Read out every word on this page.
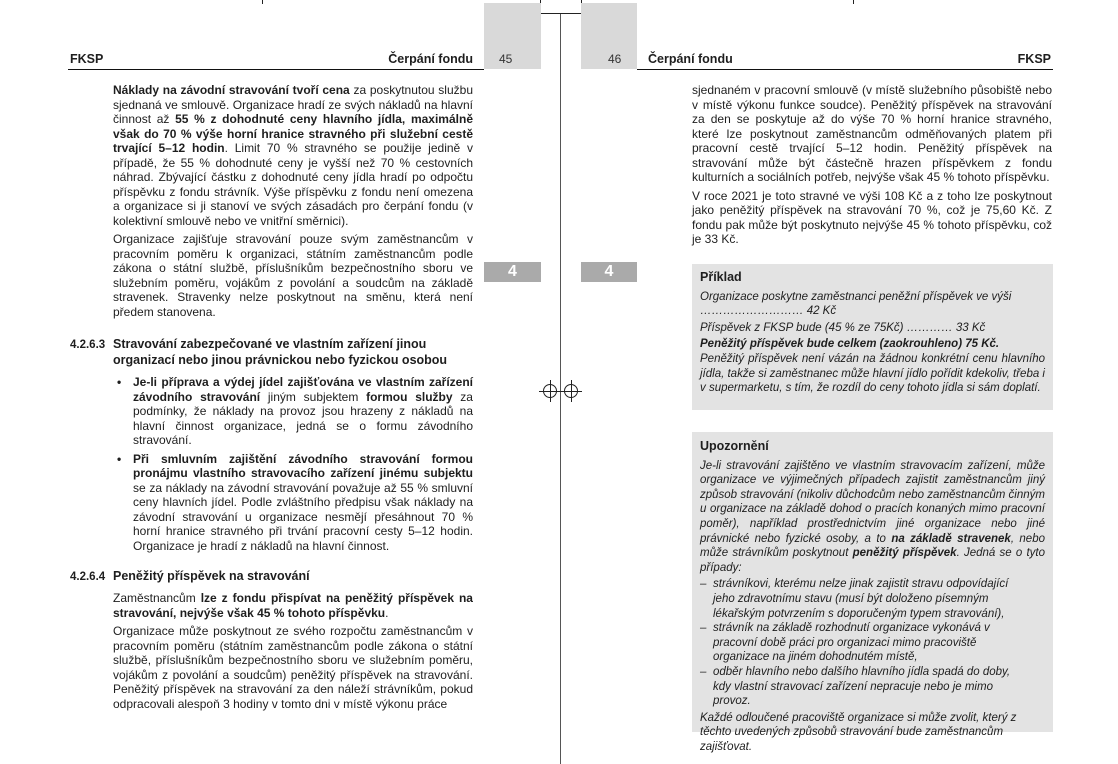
FKSP	Čerpání fondu 45	46 Čerpání fondu	FKSP
4	4

Náklady na závodní stravování tvoří cena za poskytnutou službu sjednaná ve smlouvě. Organizace hradí ze svých nákladů na hlavní činnost až 55 % z dohodnuté ceny hlavního jídla, maximálně však do 70 % výše horní hranice stravného při služební cestě trvající 5–12 hodin. Limit 70 % stravného se použije jedině v případě, že 55 % dohodnuté ceny je vyšší než 70 % cestovních náhrad. Zbývající částku z dohodnuté ceny jídla hradí po odpočtu příspěvku z fondu strávník. Výše příspěvku z fondu není omezena a organizace si ji stanoví ve svých zásadách pro čerpání fondu (v kolektivní smlouvě nebo ve vnitřní směrnici).

Organizace zajišťuje stravování pouze svým zaměstnancům v pracovním poměru k organizaci, státním zaměstnancům podle zákona o státní službě, příslušníkům bezpečnostního sboru ve služebním poměru, vojákům z povolání a soudcům na základě stravenek. Stravenky nelze poskytnout na směnu, která není předem stanovena.

4.2.6.3 Stravování zabezpečované ve vlastním zařízení jinou organizací nebo jinou právnickou nebo fyzickou osobou
• Je-li příprava a výdej jídel zajišťována ve vlastním zařízení závodního stravování jiným subjektem formou služby za podmínky, že náklady na provoz jsou hrazeny z nákladů na hlavní činnost organizace, jedná se o formu závodního stravování.
• Při smluvním zajištění závodního stravování formou pronájmu vlastního stravovacího zařízení jinému subjektu se za náklady na závodní stravování považuje až 55 % smluvní ceny hlavních jídel. Podle zvláštního předpisu však náklady na závodní stravování u organizace nesmějí přesáhnout 70 % horní hranice stravného při trvání pracovní cesty 5–12 hodin. Organizace je hradí z nákladů na hlavní činnost.
4.2.6.4 Peněžitý příspěvek na stravování

Zaměstnancům lze z fondu přispívat na peněžitý příspěvek na stravování, nejvýše však 45 % tohoto příspěvku.

Organizace může poskytnout ze svého rozpočtu zaměstnancům v pracovním poměru (státním zaměstnancům podle zákona o státní službě, příslušníkům bezpečnostního sboru ve služebním poměru, vojákům z povolání a soudcům) peněžitý příspěvek na stravování. Peněžitý příspěvek na stravování za den náleží strávníkům, pokud odpracovali alespoň 3 hodiny v tomto dni v místě výkonu práce

sjednaném v pracovní smlouvě (v místě služebního působiště nebo v místě výkonu funkce soudce). Peněžitý příspěvek na stravování za den se poskytuje až do výše 70 % horní hranice stravného, které lze poskytnout zaměstnancům odměňovaných platem při pracovní cestě trvající 5–12 hodin. Peněžitý příspěvek na stravování může být částečně hrazen příspěvkem z fondu kulturních a sociálních potřeb, nejvýše však 45 % tohoto příspěvku.

V roce 2021 je toto stravné ve výši 108 Kč a z toho lze poskytnout jako peněžitý příspěvek na stravování 70 %, což je 75,60 Kč. Z fondu pak může být poskytnuto nejvýše 45 % tohoto příspěvku, což je 33 Kč.

Příklad

Organizace poskytne zaměstnanci peněžní příspěvek ve výši ……………………… 42 Kč

Příspěvek z FKSP bude (45 % ze 75Kč) ………… 33 Kč

Peněžitý příspěvek bude celkem (zaokrouhleno) 75 Kč.

Peněžitý příspěvek není vázán na žádnou konkrétní cenu hlavního jídla, takže si zaměstnanec může hlavní jídlo pořídit kdekoliv, třeba i v supermarketu, s tím, že rozdíl do ceny tohoto jídla si sám doplatí.

Upozornění

Je-li stravování zajištěno ve vlastním stravovacím zařízení, může organizace ve výjimečných případech zajistit zaměstnancům jiný způsob stravování (nikoliv důchodcům nebo zaměstnancům činným u organizace na základě dohod o pracích konaných mimo pracovní poměr), například prostřednictvím jiné organizace nebo jiné právnické nebo fyzické osoby, a to na základě stravenek, nebo může strávníkům poskytnout peněžitý příspěvek. Jedná se o tyto případy:

– strávníkovi, kterému nelze jinak zajistit stravu odpovídající jeho zdravotnímu stavu (musí být doloženo písemným lékařským potvrzením s doporučeným typem stravování),
– strávník na základě rozhodnutí organizace vykonává v pracovní době práci pro organizaci mimo pracoviště organizace na jiném dohodnutém místě,
– odběr hlavního nebo dalšího hlavního jídla spadá do doby, kdy vlastní stravovací zařízení nepracuje nebo je mimo provoz.

Každé odloučené pracoviště organizace si může zvolit, který z těchto uvedených způsobů stravování bude zaměstnancům zajišťovat.
